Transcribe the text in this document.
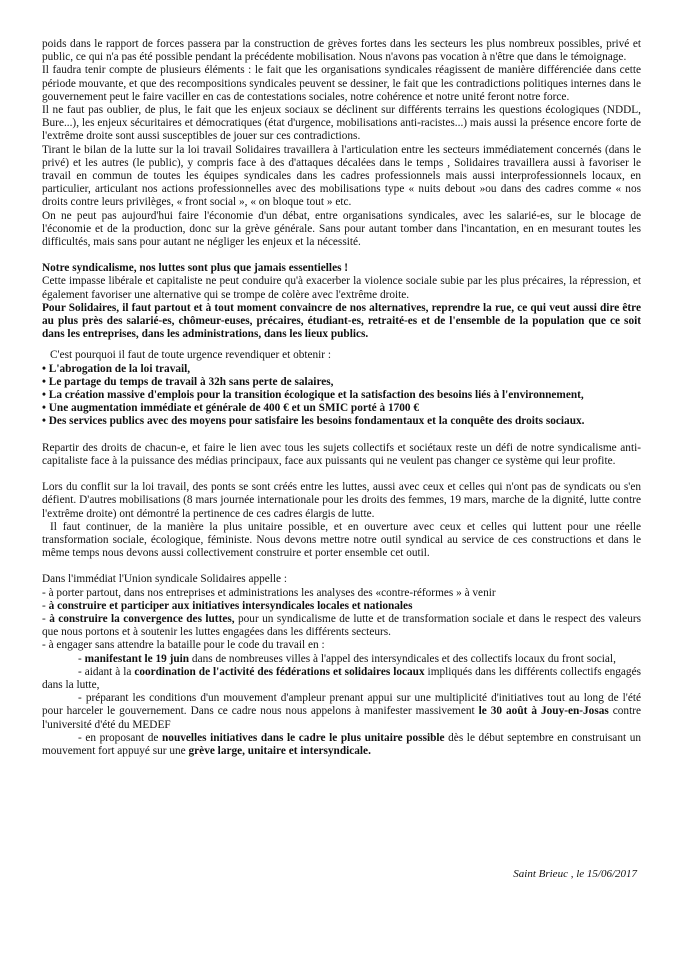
poids dans le rapport de forces passera par la construction de grèves fortes dans les secteurs les plus nombreux possibles, privé et public, ce qui n'a pas été possible pendant la précédente mobilisation. Nous n'avons pas vocation à n'être que dans le témoignage.

Il faudra tenir compte de plusieurs éléments : le fait que les organisations syndicales réagissent de manière différenciée dans cette période mouvante, et que des recompositions syndicales peuvent se dessiner, le fait que les contradictions politiques internes dans le gouvernement peut le faire vaciller en cas de contestations sociales, notre cohérence et notre unité feront notre force.

Il ne faut pas oublier, de plus, le fait que les enjeux sociaux se déclinent sur différents terrains les questions écologiques (NDDL, Bure...), les enjeux sécuritaires et démocratiques (état d'urgence, mobilisations anti-racistes...) mais aussi la présence encore forte de l'extrême droite sont aussi susceptibles de jouer sur ces contradictions.

Tirant le bilan de la lutte sur la loi travail Solidaires travaillera à l'articulation entre les secteurs immédiatement concernés (dans le privé) et les autres (le public), y compris face à des d'attaques décalées dans le temps , Solidaires travaillera aussi à favoriser le travail en commun de toutes les équipes syndicales dans les cadres professionnels mais aussi interprofessionnels locaux, en particulier, articulant nos actions professionnelles avec des mobilisations type « nuits debout »ou dans des cadres comme « nos droits contre leurs privilèges, « front social », « on bloque tout » etc.

On ne peut pas aujourd'hui faire l'économie d'un débat, entre organisations syndicales, avec les salarié-es, sur le blocage de l'économie et de la production, donc sur la grève générale. Sans pour autant tomber dans l'incantation, en en mesurant toutes les difficultés, mais sans pour autant ne négliger les enjeux et la nécessité.

Notre syndicalisme, nos luttes sont plus que jamais essentielles !

Cette impasse libérale et capitaliste ne peut conduire qu'à exacerber la violence sociale subie par les plus précaires, la répression, et également favoriser une alternative qui se trompe de colère avec l'extrême droite.

Pour Solidaires, il faut partout et à tout moment convaincre de nos alternatives, reprendre la rue, ce qui veut aussi dire être au plus près des salarié-es, chômeur-euses, précaires, étudiant-es, retraité-es et de l'ensemble de la population que ce soit dans les entreprises, dans les administrations, dans les lieux publics.

C'est pourquoi il faut de toute urgence revendiquer et obtenir :

• L'abrogation de la loi travail,

• Le partage du temps de travail à 32h sans perte de salaires,

• La création massive d'emplois pour la transition écologique et la satisfaction des besoins liés à l'environnement,

• Une augmentation immédiate et générale de 400 € et un SMIC porté à 1700 €

• Des services publics avec des moyens pour satisfaire les besoins fondamentaux et la conquête des droits sociaux.

Repartir des droits de chacun-e, et faire le lien avec tous les sujets collectifs et sociétaux reste un défi de notre syndicalisme anti-capitaliste face à la puissance des médias principaux, face aux puissants qui ne veulent pas changer ce système qui leur profite.

Lors du conflit sur la loi travail, des ponts se sont créés entre les luttes, aussi avec ceux et celles qui n'ont pas de syndicats ou s'en défient. D'autres mobilisations (8 mars journée internationale pour les droits des femmes, 19 mars, marche de la dignité, lutte contre l'extrême droite) ont démontré la pertinence de ces cadres élargis de lutte.

Il faut continuer, de la manière la plus unitaire possible, et en ouverture avec ceux et celles qui luttent pour une réelle transformation sociale, écologique, féministe. Nous devons mettre notre outil syndical au service de ces constructions et dans le même temps nous devons aussi collectivement construire et porter ensemble cet outil.

Dans l'immédiat l'Union syndicale Solidaires appelle :

- à porter partout, dans nos entreprises et administrations les analyses des «contre-réformes » à venir

- à construire et participer aux initiatives intersyndicales locales et nationales

- à construire la convergence des luttes, pour un syndicalisme de lutte et de transformation sociale et dans le respect des valeurs que nous portons et à soutenir les luttes engagées dans les différents secteurs.

- à engager sans attendre la bataille pour le code du travail en :

- manifestant le 19 juin dans de nombreuses villes à l'appel des intersyndicales et des collectifs locaux du front social,

- aidant à la coordination de l'activité des fédérations et solidaires locaux impliqués dans les différents collectifs engagés dans la lutte,

- préparant les conditions d'un mouvement d'ampleur prenant appui sur une multiplicité d'initiatives tout au long de l'été pour harceler le gouvernement. Dans ce cadre nous nous appelons à manifester massivement le 30 août à Jouy-en-Josas contre l'université d'été du MEDEF

- en proposant de nouvelles initiatives dans le cadre le plus unitaire possible dès le début septembre en construisant un mouvement fort appuyé sur une grève large, unitaire et intersyndicale.

Saint Brieuc , le 15/06/2017
